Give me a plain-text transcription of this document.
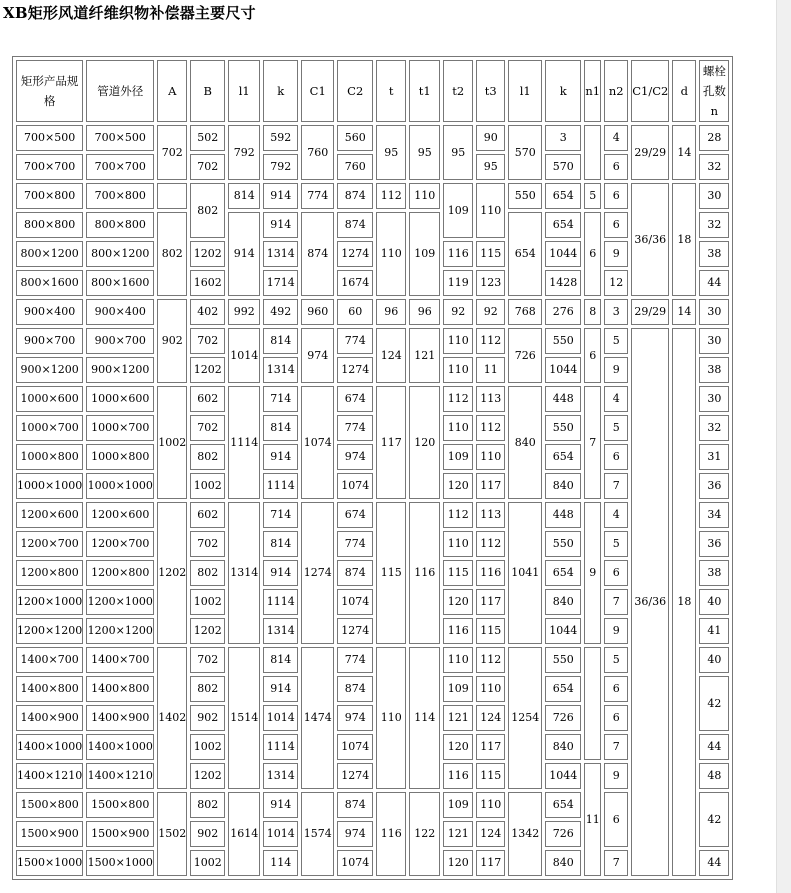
XB矩形风道纤维织物补偿器主要尺寸
矩形产品规格	管道外径	A	B	l1	k	C1	C2	t	t1	t2	t3	l1	k	n1	n2	C1/C2	d	螺栓孔数n
700×500	700×500	702	502	792	592	760	560	95	95	95	90	570	3		4	29/29	14	28
700×700	700×700		702		792		760				95		570		6			32
700×800	700×800		802	814	914	774	874	112	110	109	110	550	654	5	6	36/36	18	30
800×800	800×800	802		914	914	874	874	110	109			654	654	6	6			32
800×1200	800×1200		1202		1314		1274			116	115		1044		9			38
800×1600	800×1600		1602		1714		1674			119	123		1428		12			44
900×400	900×400	902	402	992	492	960	60	96	96	92	92	768	276	8	3	29/29	14	30
900×700	900×700		702	1014	814	974	774	124	121	110	112	726	550	6	5	36/36	18	30
900×1200	900×1200		1202		1314		1274			110	11		1044		9			38
1000×600	1000×600	1002	602	1114	714	1074	674	117	120	112	113	840	448	7	4			30
1000×700	1000×700		702		814		774			110	112		550		5			32
1000×800	1000×800		802		914		974			109	110		654		6			31
1000×1000	1000×1000		1002		1114		1074			120	117		840		7			36
1200×600	1200×600	1202	602	1314	714	1274	674	115	116	112	113	1041	448	9	4			34
1200×700	1200×700		702		814		774			110	112		550		5			36
1200×800	1200×800		802		914		874			115	116		654		6			38
1200×1000	1200×1000		1002		1114		1074			120	117		840		7			40
1200×1200	1200×1200		1202		1314		1274			116	115		1044		9			41
1400×700	1400×700	1402	702	1514	814	1474	774	110	114	110	112	1254	550		5			40
1400×800	1400×800		802		914		874			109	110		654		6			42
1400×900	1400×900		902		1014		974			121	124		726		6			
1400×1000	1400×1000		1002		1114		1074			120	117		840		7			44
1400×1210	1400×1210		1202		1314		1274			116	115		1044	11	9			48
1500×800	1500×800	1502	802	1614	914	1574	874	116	122	109	110	1342	654		6			42
1500×900	1500×900		902		1014		974			121	124		726					
1500×1000	1500×1000		1002		114		1074			120	117		840		7			44
